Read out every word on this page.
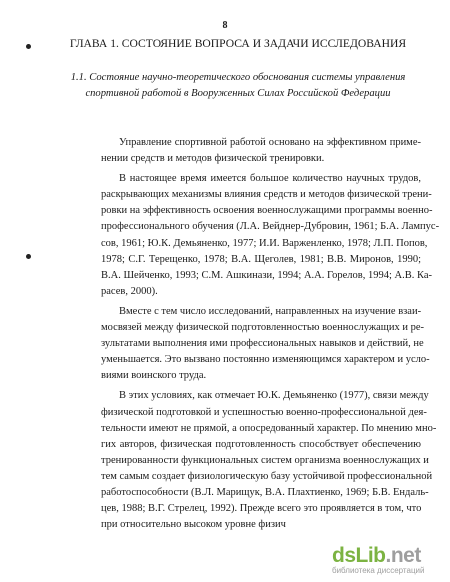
8
ГЛАВА 1. СОСТОЯНИЕ ВОПРОСА И ЗАДАЧИ ИССЛЕДОВАНИЯ
1.1. Состояние научно-теоретического обоснования системы управления
спортивной работой в Вооруженных Силах Российской Федерации
Управление спортивной работой основано на эффективном приме-
нении средств и методов физической тренировки.
В настоящее время имеется большое количество научных трудов,
раскрывающих механизмы влияния средств и методов физической трени-
ровки на эффективность освоения военнослужащими программы военно-
профессионального обучения (Л.А. Вейднер-Дубровин, 1961; Б.А. Лампус-
сов, 1961; Ю.К. Демьяненко, 1977; И.И. Варженленко, 1978; Л.П. Попов,
1978; С.Г. Терещенко, 1978; В.А. Щеголев, 1981; В.В. Миронов, 1990;
В.А. Шейченко, 1993; С.М. Ашкинази, 1994; А.А. Горелов, 1994; А.В. Ка-
расев, 2000).
Вместе с тем число исследований, направленных на изучение взаи-
мосвязей между физической подготовленностью военнослужащих и ре-
зультатами выполнения ими профессиональных навыков и действий, не
уменьшается. Это вызвано постоянно изменяющимся характером и усло-
виями воинского труда.
В этих условиях, как отмечает Ю.К. Демьяненко (1977), связи между
физической подготовкой и успешностью военно-профессиональной дея-
тельности имеют не прямой, а опосредованный характер. По мнению мно-
гих авторов, физическая подготовленность способствует обеспечению
тренированности функциональных систем организма военнослужащих и
тем самым создает физиологическую базу устойчивой профессиональной
работоспособности (В.Л. Марищук, В.А. Плахтиенко, 1969; Б.В. Ендаль-
цев, 1988; В.Г. Стрелец, 1992). Прежде всего это проявляется в том, что
при относительно высоком уровне физич
dsLib.net
библиотека диссертаций
